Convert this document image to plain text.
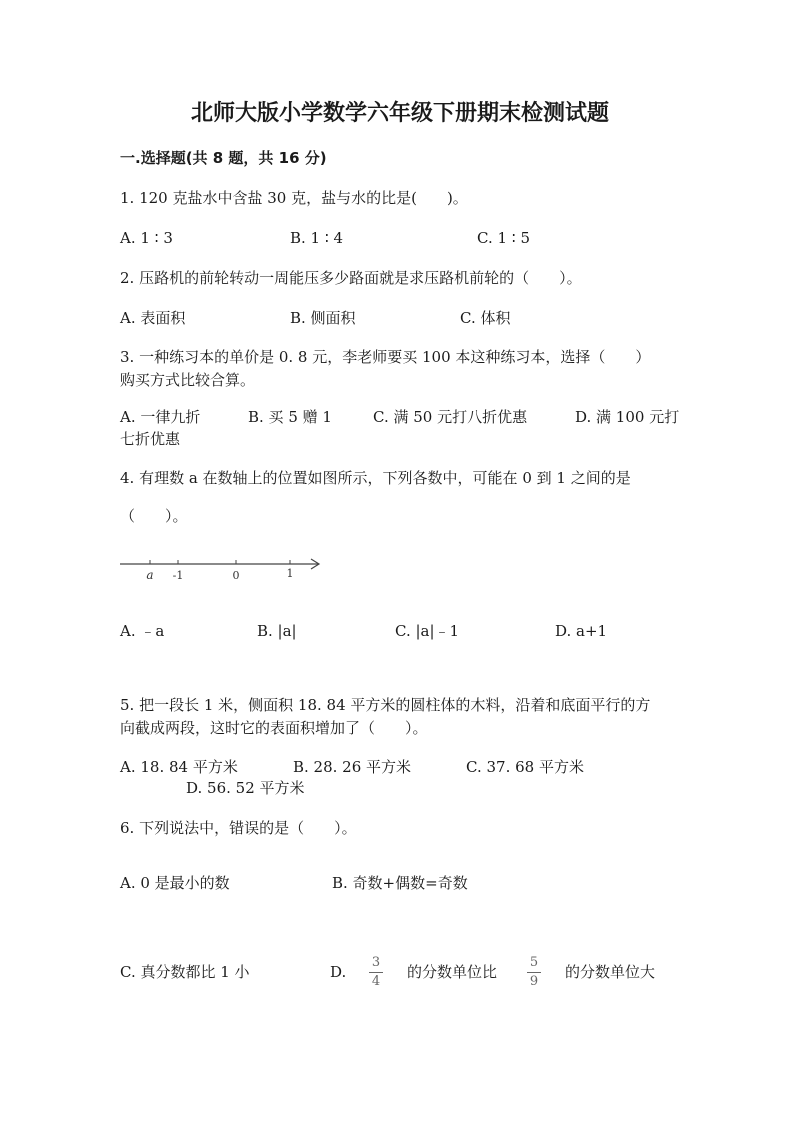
北师大版小学数学六年级下册期末检测试题
一.选择题(共 8 题，共 16 分)
1. 120 克盐水中含盐 30 克，盐与水的比是(　　)。
A. 1 ∶ 3	B. 1 ∶ 4	C. 1 ∶ 5
2. 压路机的前轮转动一周能压多少路面就是求压路机前轮的（　　）。
A. 表面积	B. 侧面积	C. 体积
3. 一种练习本的单价是 0. 8 元，李老师要买 100 本这种练习本，选择（　　）
购买方式比较合算。
A. 一律九折	B. 买 5 赠 1	C. 满 50 元打八折优惠	D. 满 100 元打
七折优惠
4. 有理数 a 在数轴上的位置如图所示，下列各数中，可能在 0 到 1 之间的是
（　　）。
a -1	0	1
A. ﹣a	B. |a|	C. |a|﹣1	D. a+1
5. 把一段长 1 米，侧面积 18. 84 平方米的圆柱体的木料，沿着和底面平行的方
向截成两段，这时它的表面积增加了（　　）。
A. 18. 84 平方米	B. 28. 26 平方米	C. 37. 68 平方米
D. 56. 52 平方米
6. 下列说法中，错误的是（　　）。
A. 0 是最小的数	B. 奇数+偶数=奇数
C. 真分数都比 1 小	D.
3
4
的分数单位比
5
9
的分数单位大
